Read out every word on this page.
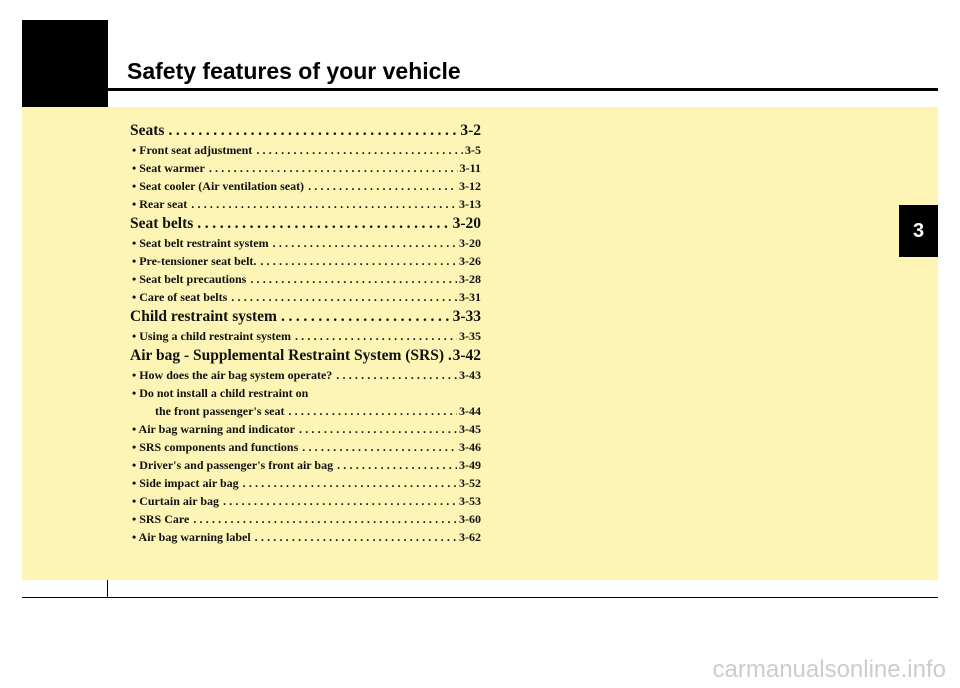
Safety features of your vehicle
3
Seats .....	3-2
• Front seat adjustment .....	3-5
• Seat warmer .....	3-11
• Seat cooler (Air ventilation seat) .....	3-12
• Rear seat .....	3-13
Seat belts .....	3-20
• Seat belt restraint system .....	3-20
• Pre-tensioner seat belt. .....	3-26
• Seat belt precautions .....	3-28
• Care of seat belts .....	3-31
Child restraint system .....	3-33
• Using a child restraint system .....	3-35
Air bag - Supplemental Restraint System (SRS) ..... 3-42
• How does the air bag system operate? .....	3-43
• Do not install a child restraint on
the front passenger's seat .....	3-44
• Air bag warning and indicator .....	3-45
• SRS components and functions .....	3-46
• Driver's and passenger's front air bag .....	3-49
• Side impact air bag .....	3-52
• Curtain air bag .....	3-53
• SRS Care .....	3-60
• Air bag warning label .....	3-62
carmanualsonline.info
